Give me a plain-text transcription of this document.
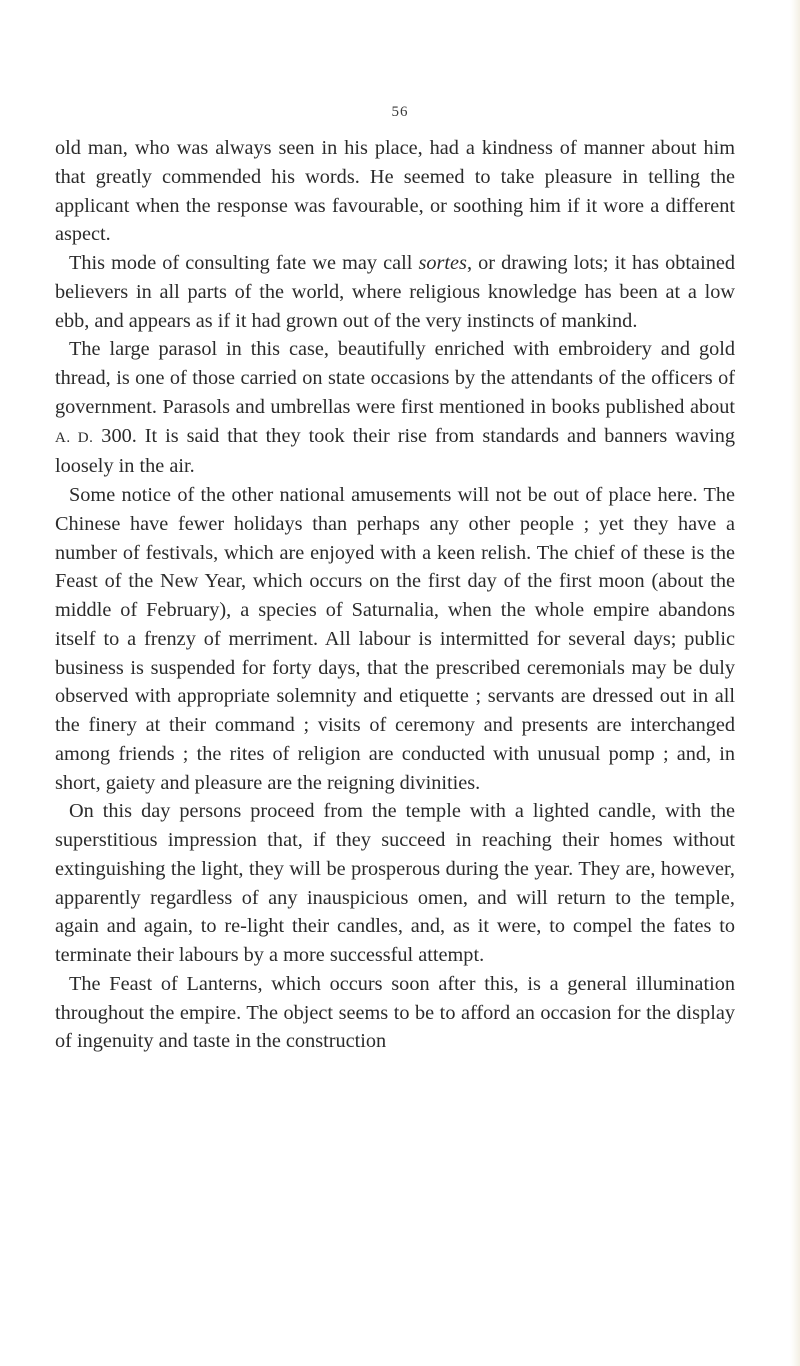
56

old man, who was always seen in his place, had a kindness of manner about him that greatly commended his words. He seemed to take pleasure in telling the applicant when the response was favourable, or soothing him if it wore a different aspect.

This mode of consulting fate we may call sortes, or drawing lots; it has obtained believers in all parts of the world, where religious knowledge has been at a low ebb, and appears as if it had grown out of the very instincts of mankind.

The large parasol in this case, beautifully enriched with embroidery and gold thread, is one of those carried on state occasions by the attendants of the officers of government. Parasols and umbrellas were first mentioned in books published about A. D. 300. It is said that they took their rise from standards and banners waving loosely in the air.

Some notice of the other national amusements will not be out of place here. The Chinese have fewer holidays than perhaps any other people ; yet they have a number of festivals, which are enjoyed with a keen relish. The chief of these is the Feast of the New Year, which occurs on the first day of the first moon (about the middle of February), a species of Saturnalia, when the whole empire abandons itself to a frenzy of merriment. All labour is intermitted for several days; public business is suspended for forty days, that the prescribed ceremonials may be duly observed with appropriate solemnity and etiquette ; servants are dressed out in all the finery at their command ; visits of ceremony and presents are interchanged among friends ; the rites of religion are conducted with unusual pomp ; and, in short, gaiety and pleasure are the reigning divinities.

On this day persons proceed from the temple with a lighted candle, with the superstitious impression that, if they succeed in reaching their homes without extinguishing the light, they will be prosperous during the year. They are, however, apparently regardless of any inauspicious omen, and will return to the temple, again and again, to re-light their candles, and, as it were, to compel the fates to terminate their labours by a more successful attempt.

The Feast of Lanterns, which occurs soon after this, is a general illumination throughout the empire. The object seems to be to afford an occasion for the display of ingenuity and taste in the construction
